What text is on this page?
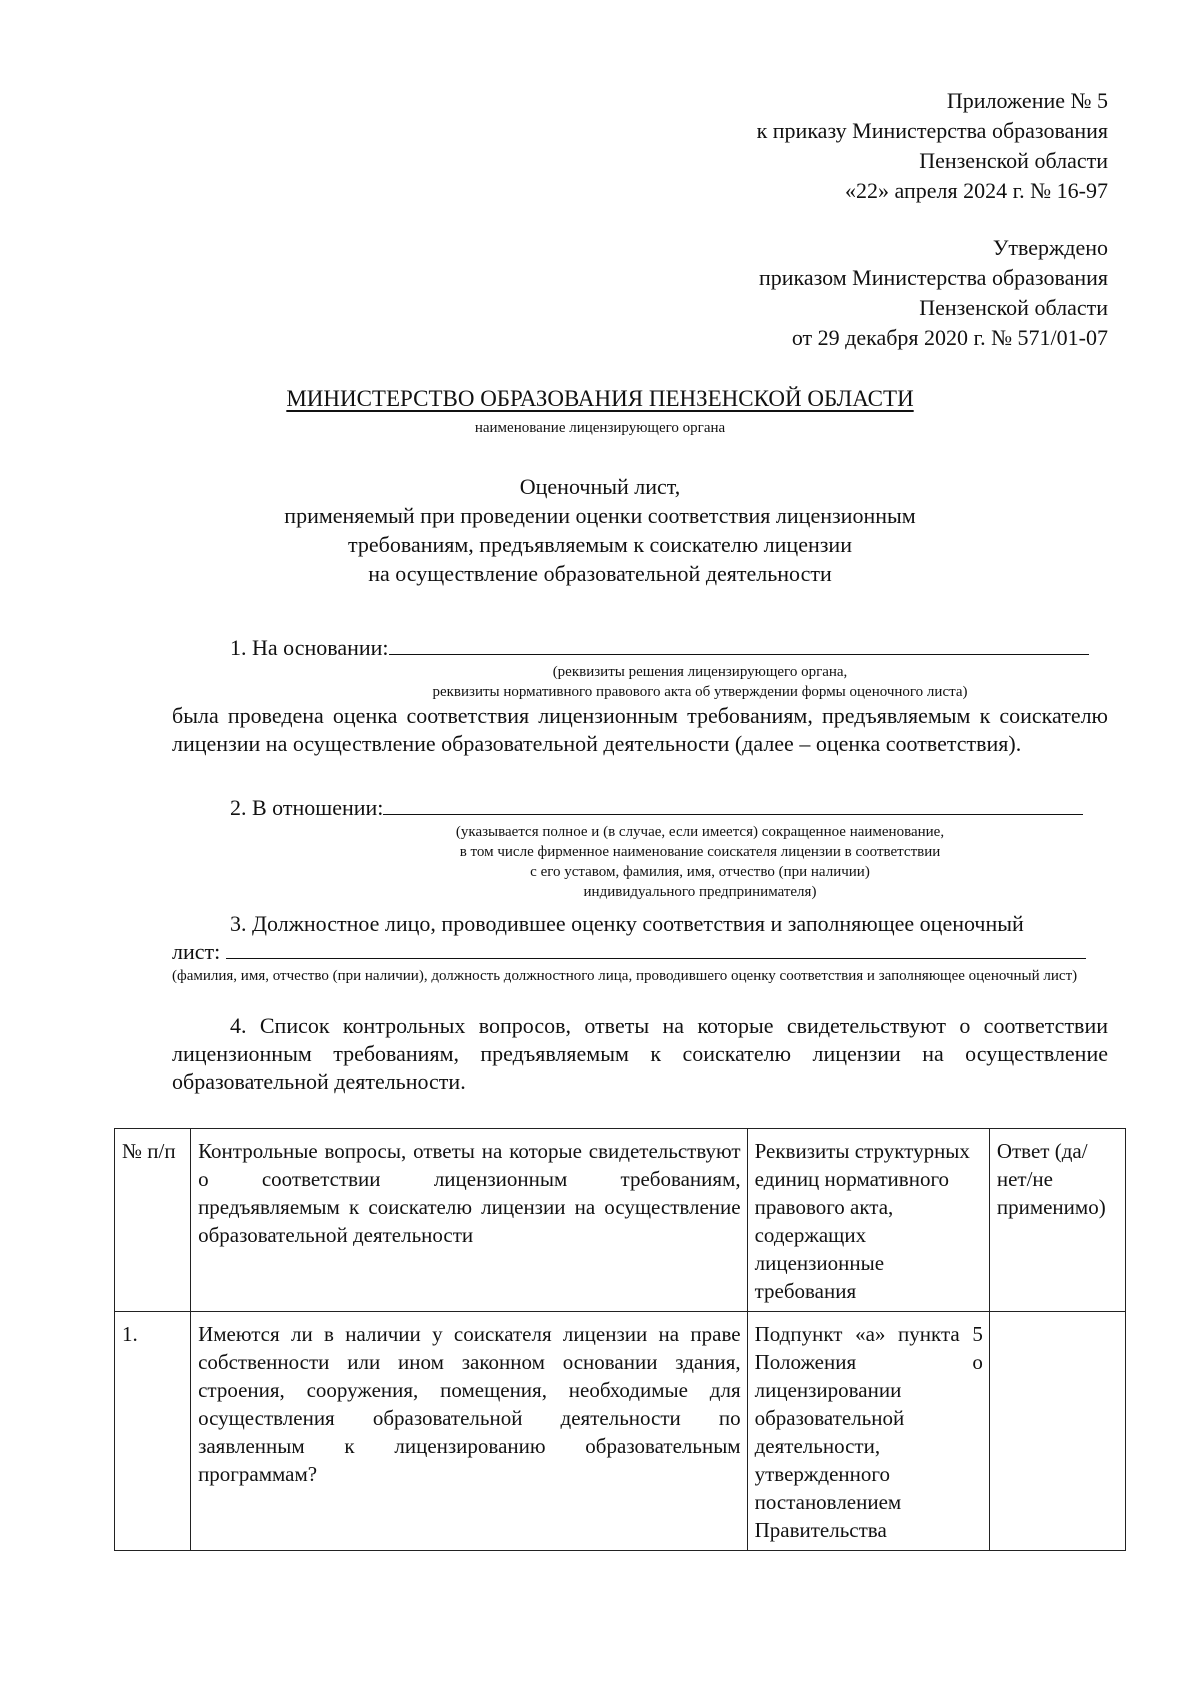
Приложение № 5
к приказу Министерства образования
Пензенской области
«22» апреля 2024 г. № 16-97
Утверждено
приказом Министерства образования
Пензенской области
от 29 декабря 2020 г. № 571/01-07
МИНИСТЕРСТВО ОБРАЗОВАНИЯ ПЕНЗЕНСКОЙ ОБЛАСТИ
наименование лицензирующего органа
Оценочный лист,
применяемый при проведении оценки соответствия лицензионным
требованиям, предъявляемым к соискателю лицензии
на осуществление образовательной деятельности
1. На основании:
(реквизиты решения лицензирующего органа,
реквизиты нормативного правового акта об утверждении формы оценочного листа)
была проведена оценка соответствия лицензионным требованиям, предъявляемым к соискателю лицензии на осуществление образовательной деятельности (далее – оценка соответствия).
2. В отношении:
(указывается полное и (в случае, если имеется) сокращенное наименование,
в том числе фирменное наименование соискателя лицензии в соответствии
с его уставом, фамилия, имя, отчество (при наличии)
индивидуального предпринимателя)
3. Должностное лицо, проводившее оценку соответствия и заполняющее оценочный
лист:
(фамилия, имя, отчество (при наличии), должность должностного лица, проводившего оценку соответствия и заполняющее оценочный лист)
4. Список контрольных вопросов, ответы на которые свидетельствуют о соответствии лицензионным требованиям, предъявляемым к соискателю лицензии на осуществление образовательной деятельности.
№ п/п	Контрольные вопросы, ответы на которые свидетельствуют о соответствии лицензионным требованиям, предъявляемым к соискателю лицензии на осуществление образовательной деятельности	Реквизиты структурных единиц нормативного правового акта, содержащих лицензионные требования	Ответ (да/нет/не применимо)
1.	Имеются ли в наличии у соискателя лицензии на праве собственности или ином законном основании здания, строения, сооружения, помещения, необходимые для осуществления образовательной деятельности по заявленным к лицензированию образовательным программам?	Подпункт «а» пункта 5 Положения о лицензировании образовательной деятельности, утвержденного постановлением Правительства	
